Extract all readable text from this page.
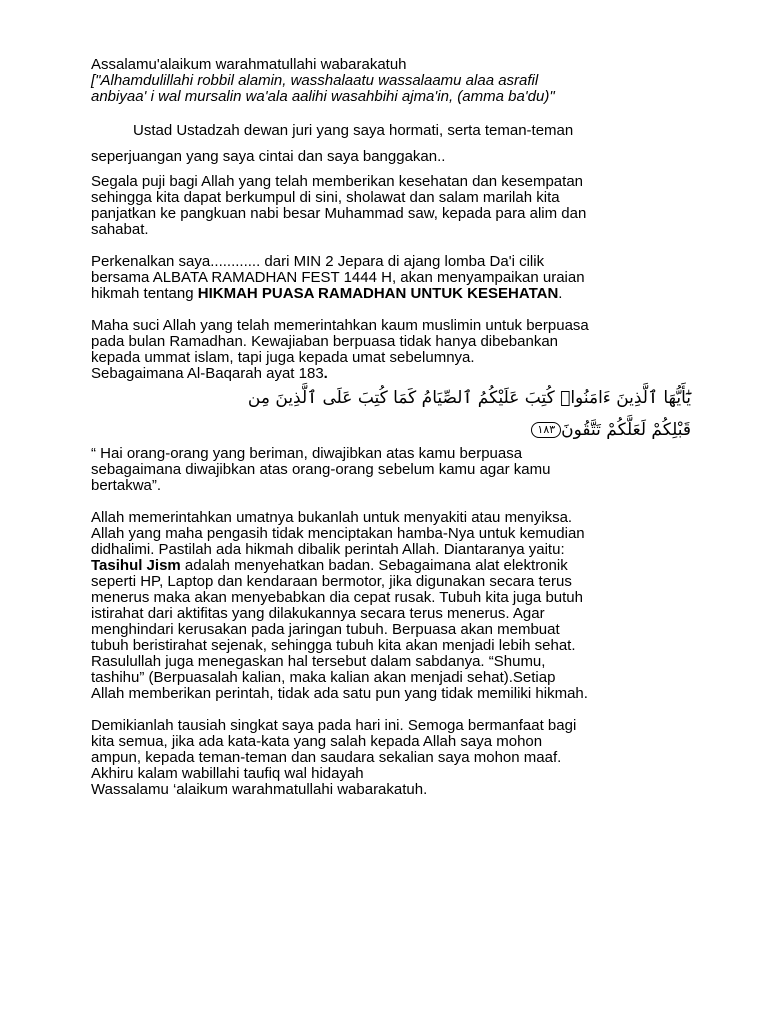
Assalamu'alaikum warahmatullahi wabarakatuh
["Alhamdulillahi robbil alamin, wasshalaatu wassalaamu alaa asrafil
anbiyaa' i wal mursalin wa'ala aalihi wasahbihi ajma'in, (amma ba'du)"
Ustad Ustadzah dewan juri yang saya hormati, serta teman-teman
seperjuangan yang saya cintai dan saya banggakan..
Segala puji bagi Allah yang telah memberikan kesehatan dan kesempatan
sehingga kita dapat berkumpul di sini, sholawat dan salam marilah kita
panjatkan ke pangkuan nabi besar Muhammad saw, kepada para alim dan
sahabat.
Perkenalkan saya............ dari MIN 2 Jepara di ajang lomba Da'i cilik
bersama ALBATA RAMADHAN FEST 1444 H, akan menyampaikan uraian
hikmah tentang HIKMAH PUASA RAMADHAN UNTUK KESEHATAN.
Maha suci Allah yang telah memerintahkan kaum muslimin untuk berpuasa
pada bulan Ramadhan. Kewajiaban berpuasa tidak hanya dibebankan
kepada ummat islam, tapi juga kepada umat sebelumnya.
Sebagaimana Al-Baqarah ayat 183.
يَٰٓأَيُّهَا ٱلَّذِينَ ءَامَنُوا۟ كُتِبَ عَلَيْكُمُ ٱلصِّيَامُ كَمَا كُتِبَ عَلَى ٱلَّذِينَ مِن
قَبْلِكُمْ لَعَلَّكُمْ تَتَّقُونَ١٨٣
“ Hai orang-orang yang beriman, diwajibkan atas kamu berpuasa
sebagaimana diwajibkan atas orang-orang sebelum kamu agar kamu
bertakwa”.
Allah memerintahkan umatnya bukanlah untuk menyakiti atau menyiksa.
Allah yang maha pengasih tidak menciptakan hamba-Nya untuk kemudian
didhalimi. Pastilah ada hikmah dibalik perintah Allah. Diantaranya yaitu:
Tasihul Jism adalah menyehatkan badan. Sebagaimana alat elektronik
seperti HP, Laptop dan kendaraan bermotor, jika digunakan secara terus
menerus maka akan menyebabkan dia cepat rusak. Tubuh kita juga butuh
istirahat dari aktifitas yang dilakukannya secara terus menerus. Agar
menghindari kerusakan pada jaringan tubuh. Berpuasa akan membuat
tubuh beristirahat sejenak, sehingga tubuh kita akan menjadi lebih sehat.
Rasulullah juga menegaskan hal tersebut dalam sabdanya. “Shumu,
tashihu” (Berpuasalah kalian, maka kalian akan menjadi sehat).Setiap
Allah memberikan perintah, tidak ada satu pun yang tidak memiliki hikmah.
Demikianlah tausiah singkat saya pada hari ini. Semoga bermanfaat bagi
kita semua, jika ada kata-kata yang salah kepada Allah saya mohon
ampun, kepada teman-teman dan saudara sekalian saya mohon maaf.
Akhiru kalam wabillahi taufiq wal hidayah
Wassalamu ‘alaikum warahmatullahi wabarakatuh.
